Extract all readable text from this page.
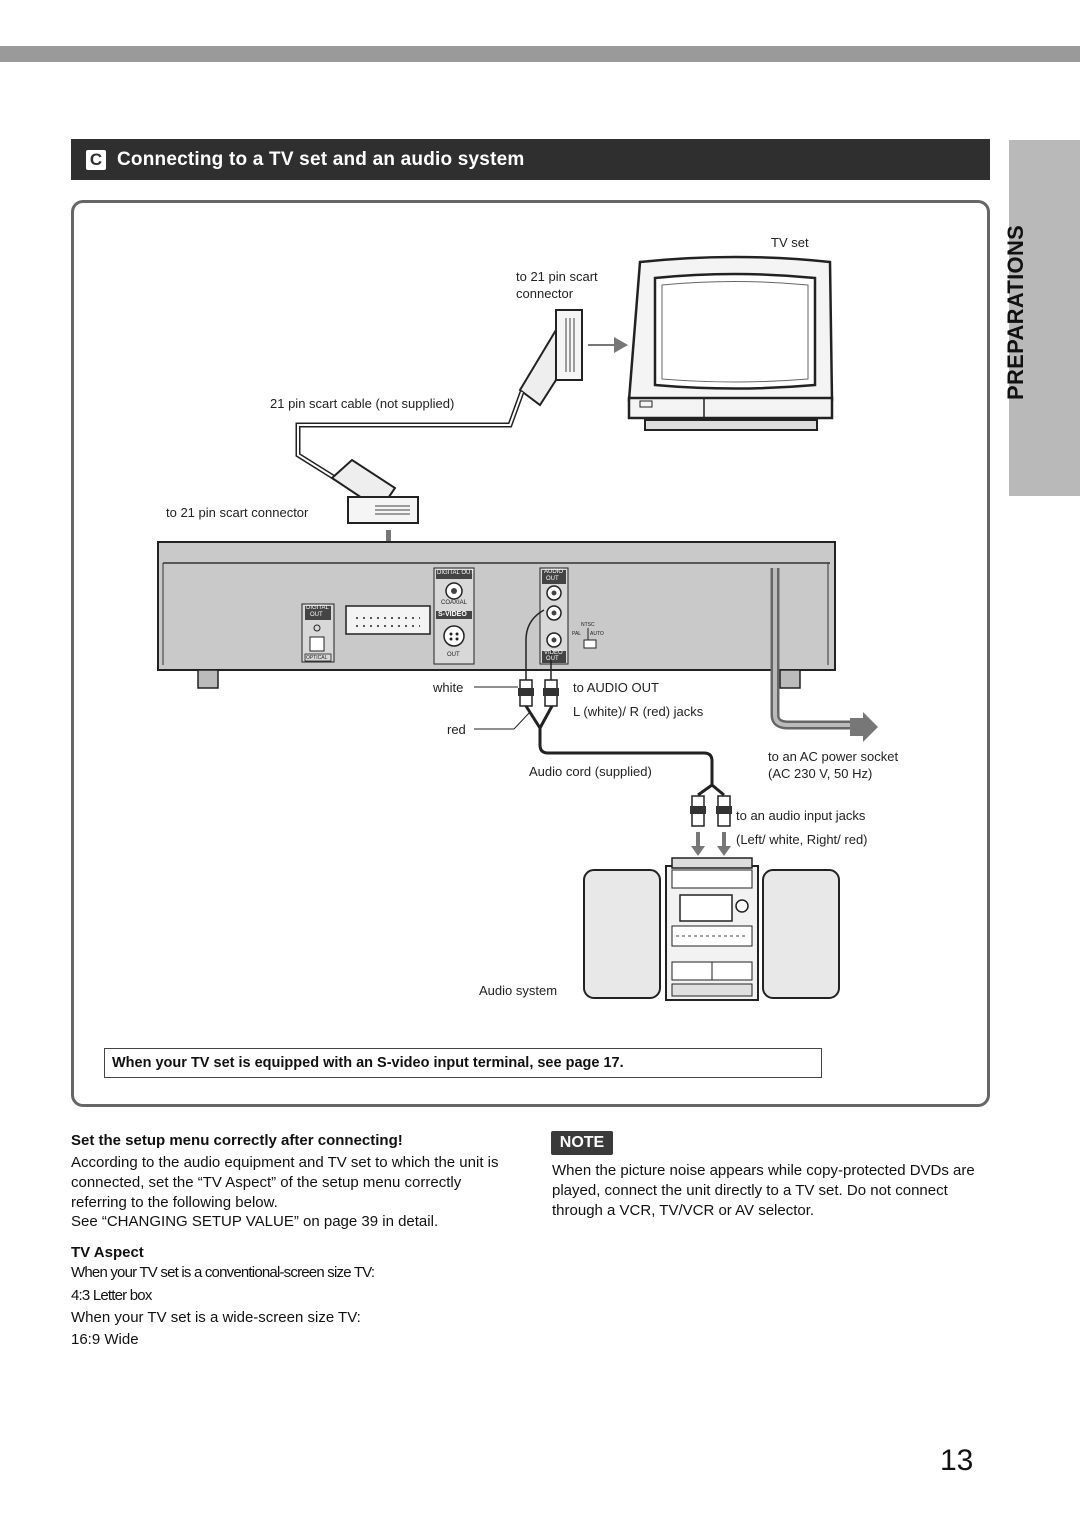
C Connecting to a TV set and an audio system
PREPARATIONS
DIGITAL OUT
COAXIAL
S-VIDEO
OUT
AUDIO
OUT
DIGITAL
OUT
OPTICAL
VIDEO
OUT
NTSC
PAL AUTO
TV set
to 21 pin scart
connector
21 pin scart cable (not supplied)
to 21 pin scart connector
white
red
to AUDIO OUT
L (white)/ R (red) jacks
Audio cord (supplied)
to an AC power socket
(AC 230 V, 50 Hz)
to an audio input jacks
(Left/ white, Right/ red)
Audio system
When your TV set is equipped with an S-video input terminal, see page 17.
Set the setup menu correctly after connecting!
According to the audio equipment and TV set to which the unit is connected, set the “TV Aspect” of the setup menu correctly referring to the following below.
See “CHANGING SETUP VALUE” on page 39 in detail.
TV Aspect
When your TV set is a conventional-screen size TV:
4:3 Letter box
When your TV set is a wide-screen size TV:
16:9 Wide
NOTE
When the picture noise appears while copy-protected DVDs are played, connect the unit directly to a TV set. Do not connect through a VCR, TV/VCR or AV selector.
13
